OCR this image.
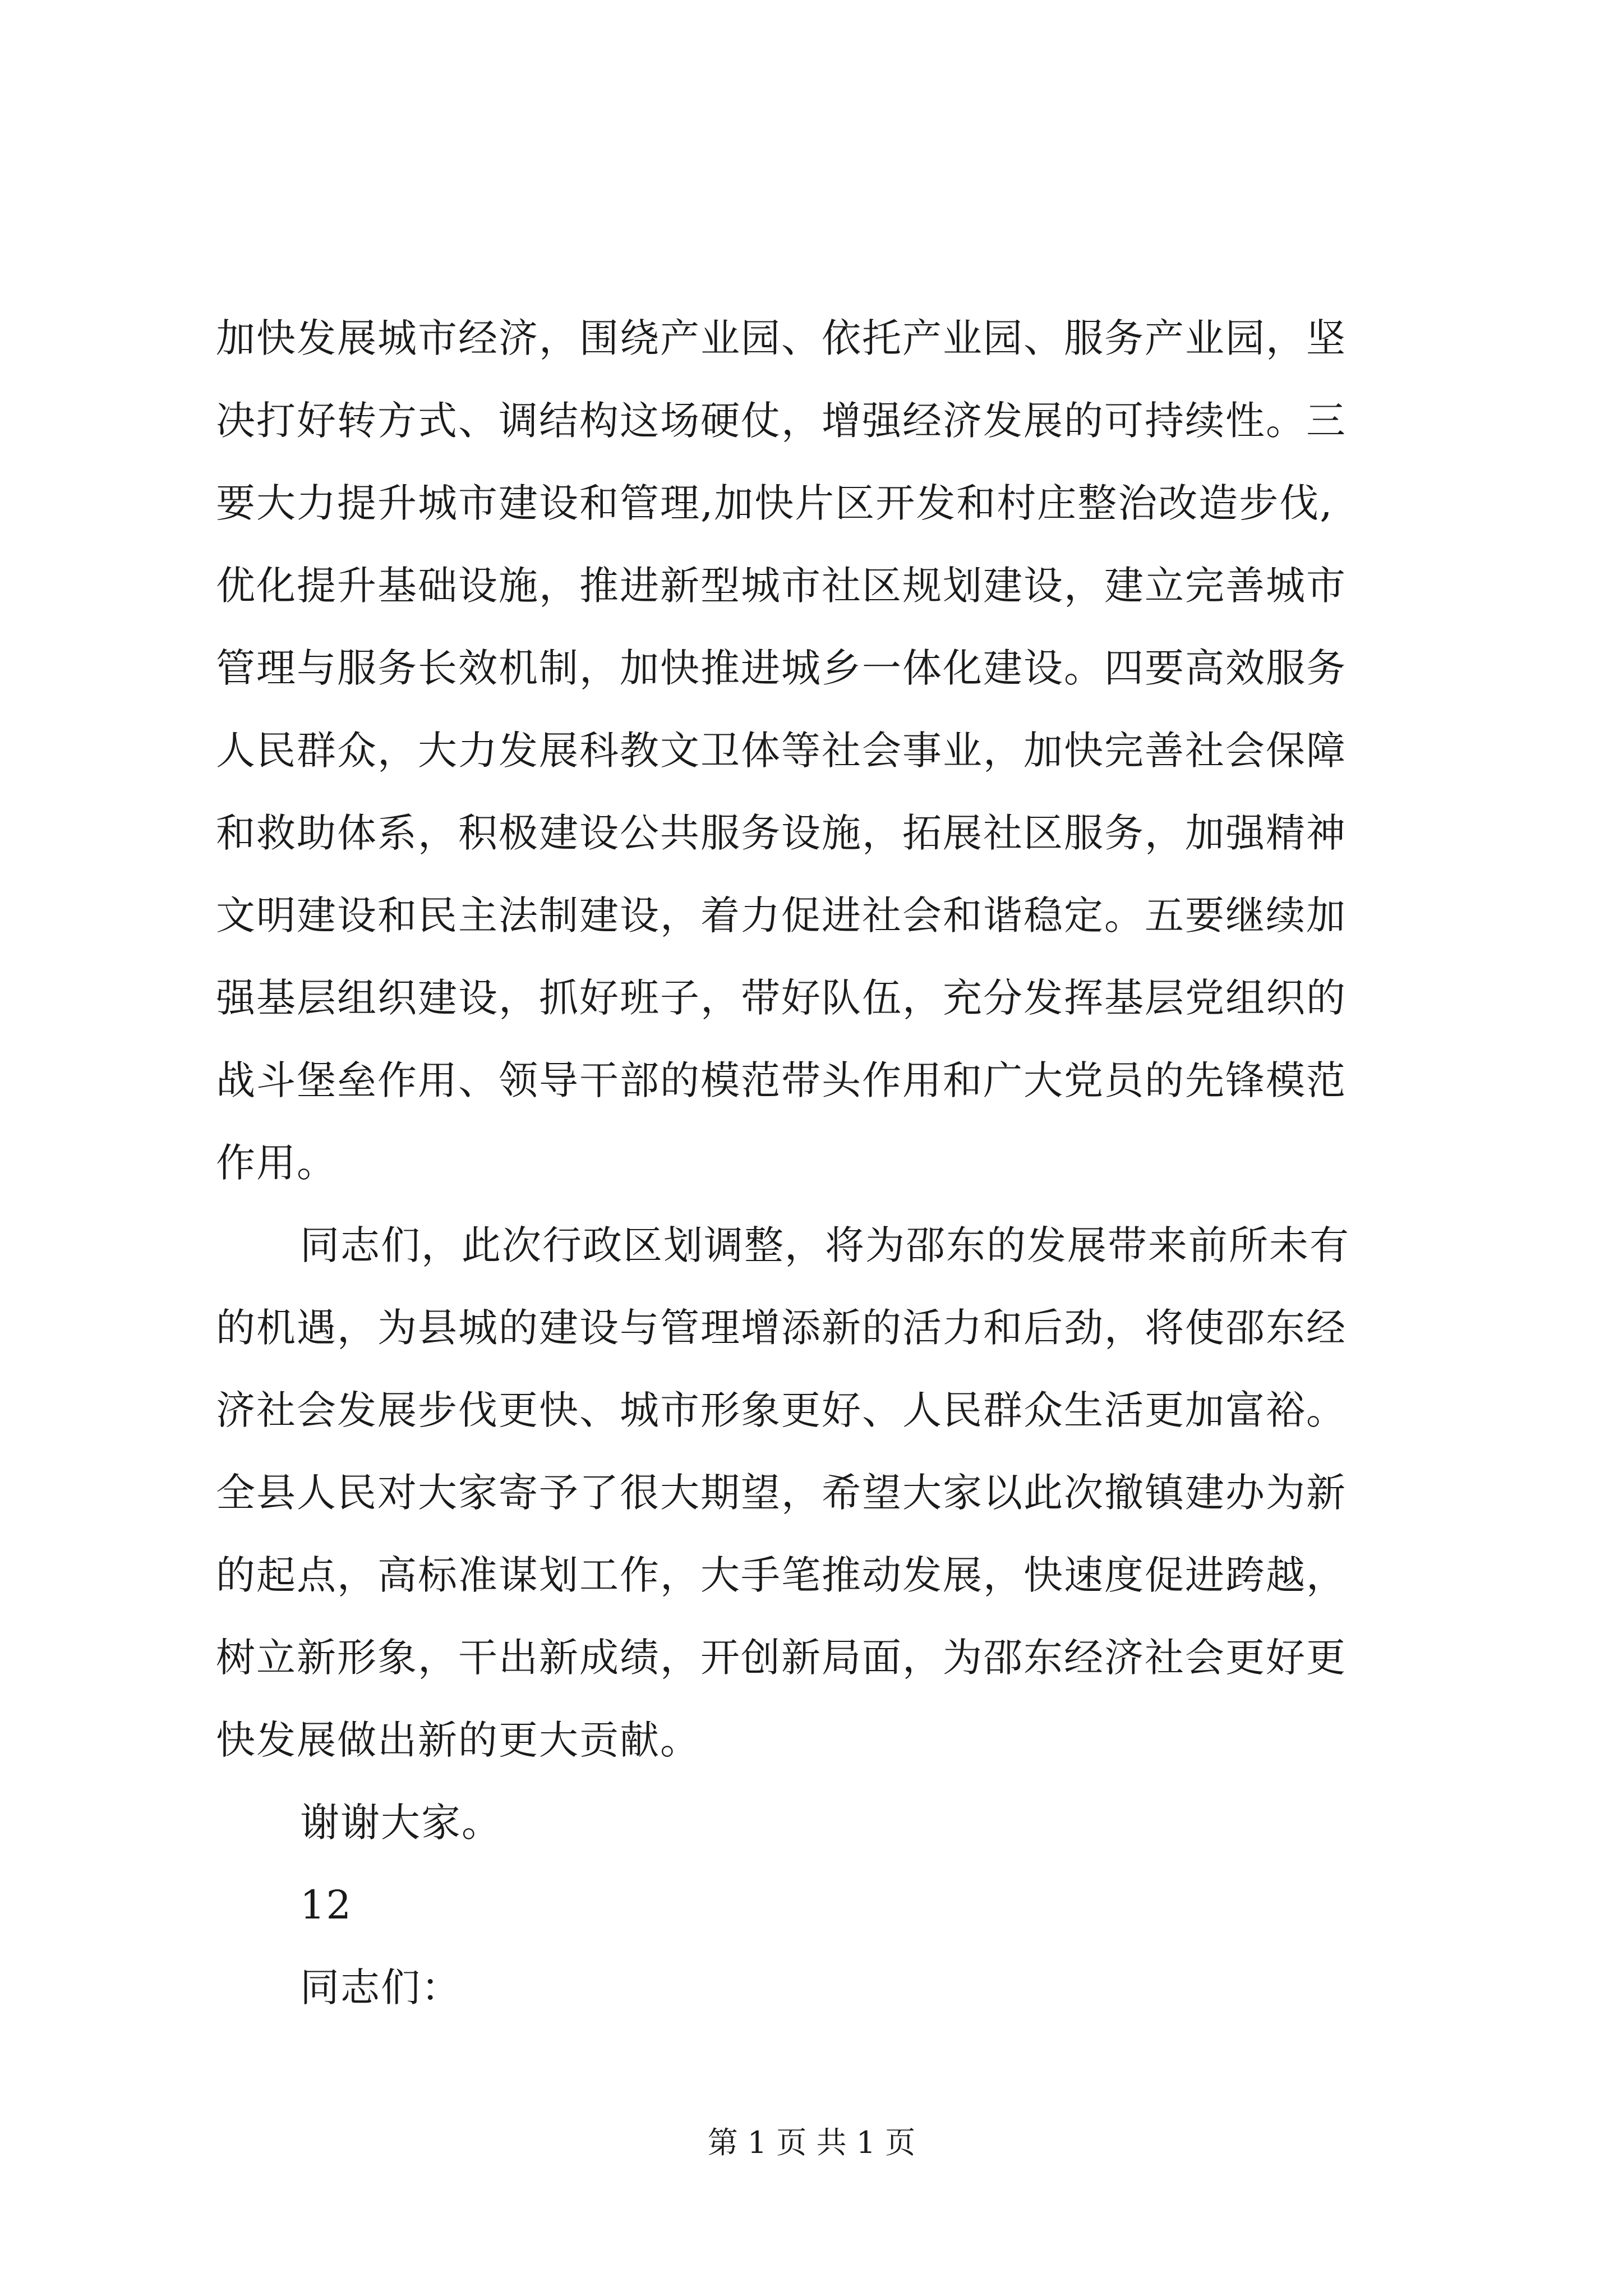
加快发展城市经济，围绕产业园、依托产业园、服务产业园，坚
决打好转方式、调结构这场硬仗，增强经济发展的可持续性。三
要大力提升城市建设和管理,加快片区开发和村庄整治改造步伐,
优化提升基础设施，推进新型城市社区规划建设，建立完善城市
管理与服务长效机制，加快推进城乡一体化建设。四要高效服务
人民群众，大力发展科教文卫体等社会事业，加快完善社会保障
和救助体系，积极建设公共服务设施，拓展社区服务，加强精神
文明建设和民主法制建设，着力促进社会和谐稳定。五要继续加
强基层组织建设，抓好班子，带好队伍，充分发挥基层党组织的
战斗堡垒作用、领导干部的模范带头作用和广大党员的先锋模范
作用。
同志们，此次行政区划调整，将为邵东的发展带来前所未有
的机遇，为县城的建设与管理增添新的活力和后劲，将使邵东经
济社会发展步伐更快、城市形象更好、人民群众生活更加富裕。
全县人民对大家寄予了很大期望，希望大家以此次撤镇建办为新
的起点，高标准谋划工作，大手笔推动发展，快速度促进跨越，
树立新形象，干出新成绩，开创新局面，为邵东经济社会更好更
快发展做出新的更大贡献。
谢谢大家。
12
同志们：
第 1 页 共 1 页
